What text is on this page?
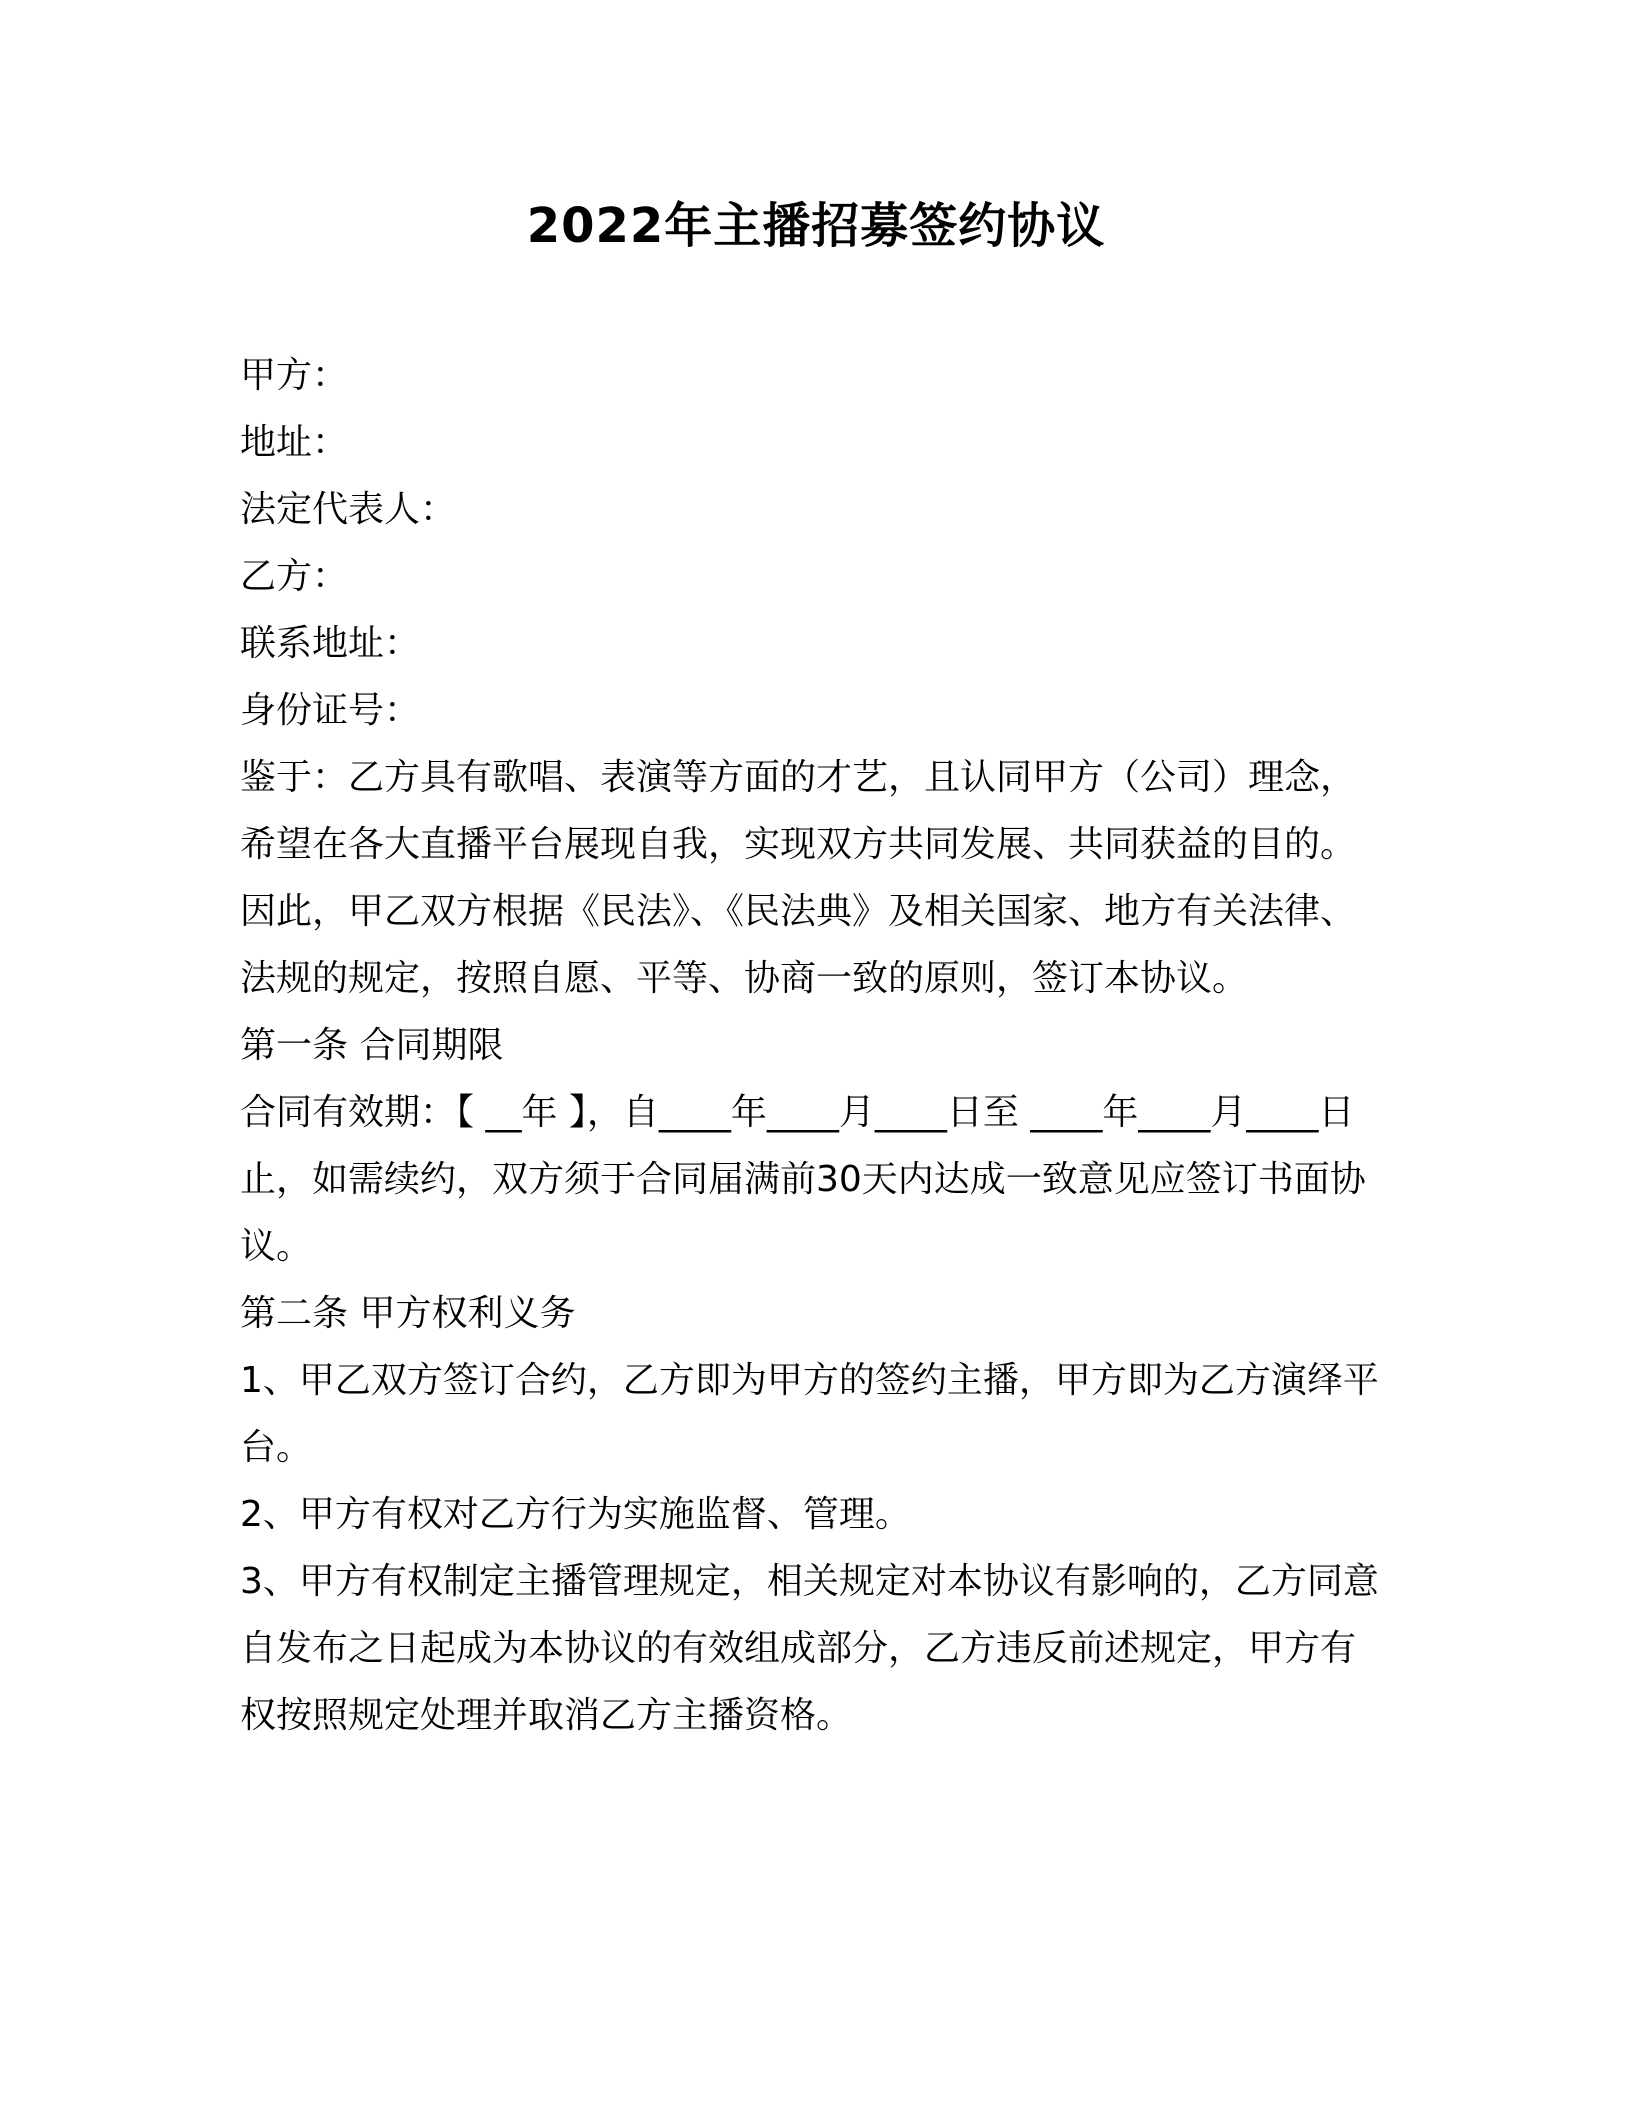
2022年主播招募签约协议

甲方：

地址：

法定代表人：

乙方：

联系地址：

身份证号：

鉴于：乙方具有歌唱、表演等方面的才艺，且认同甲方（公司）理念，希望在各大直播平台展现自我，实现双方共同发展、共同获益的目的。

因此，甲乙双方根据《民法》、《民法典》及相关国家、地方有关法律、法规的规定，按照自愿、平等、协商一致的原则，签订本协议。

第一条 合同期限

合同有效期：【 __年 】，自____年____月____日至 ____年____月____日止，如需续约，双方须于合同届满前30天内达成一致意见应签订书面协议。

第二条 甲方权利义务

1、甲乙双方签订合约，乙方即为甲方的签约主播，甲方即为乙方演绎平台。

2、甲方有权对乙方行为实施监督、管理。

3、甲方有权制定主播管理规定，相关规定对本协议有影响的，乙方同意自发布之日起成为本协议的有效组成部分，乙方违反前述规定，甲方有权按照规定处理并取消乙方主播资格。
